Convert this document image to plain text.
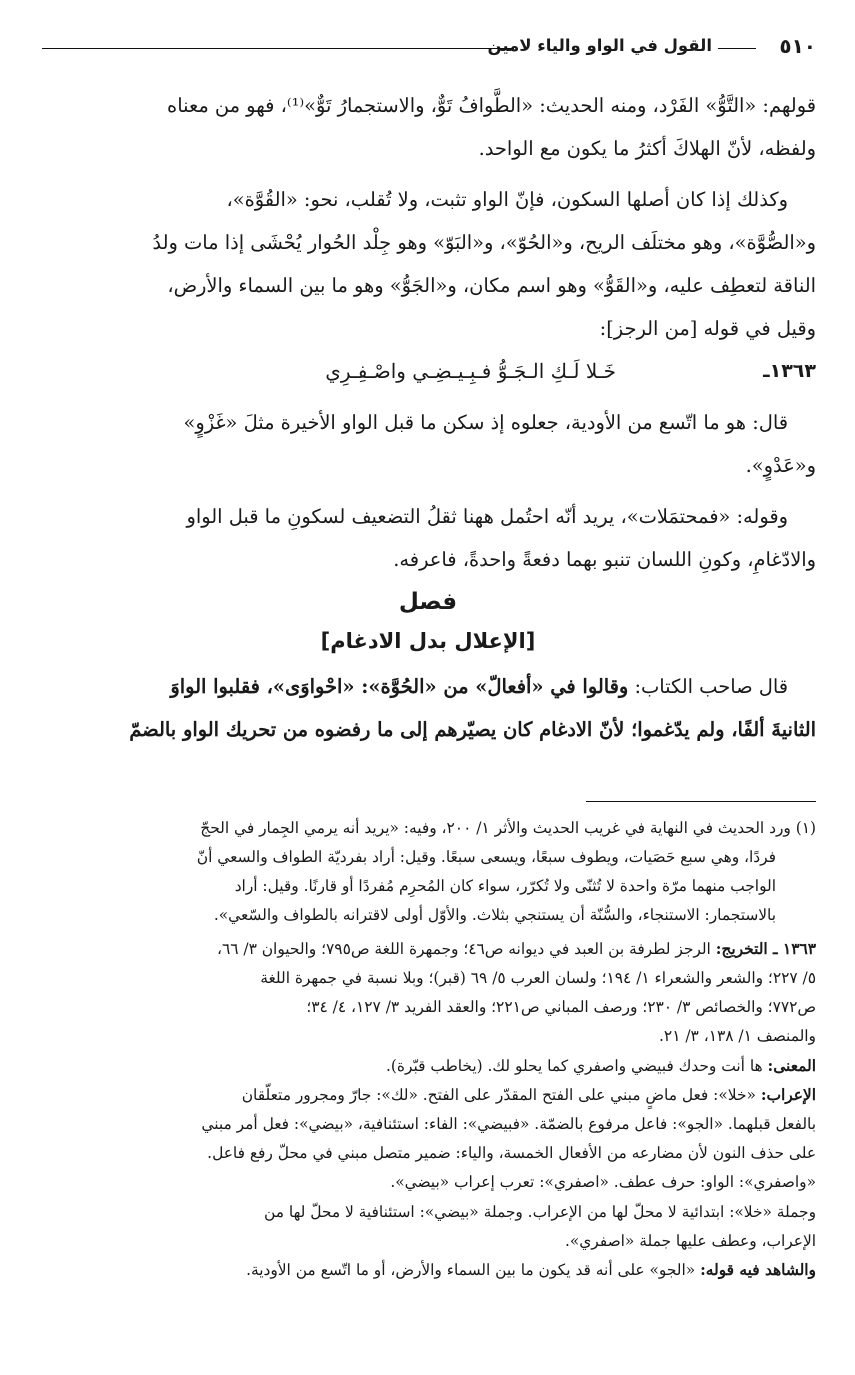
٥١٠
القول في الواو والياء لامين
قولهم: «التَّوُّ» الفَرْد، ومنه الحديث: «الطَّوافُ تَوٌّ، والاستجمارُ تَوٌّ»⁽¹⁾، فهو من معناه
ولفظه، لأنّ الهلاكَ أكثرُ ما يكون مع الواحد.
وكذلك إذا كان أصلها السكون، فإنّ الواو تثبت، ولا تُقلب، نحو: «القُوَّة»،
و«الصُّوَّة»، وهو مختلَف الريح، و«الحُوّ»، و«البَوّ» وهو جِلْد الحُوار يُحْشَى إذا مات ولدُ
الناقة لتعطِف عليه، و«القَوُّ» وهو اسم مكان، و«الجَوُّ» وهو ما بين السماء والأرض،
وقيل في قوله [من الرجز]:
١٣٦٣ـ
خَـلا لَـكِ الـجَـوُّ فـبِـيـضِـي واصْـفِـرِي
قال: هو ما اتّسع من الأودية، جعلوه إذ سكن ما قبل الواو الأخيرة مثلَ «غَزْوٍ»
و«عَدْوٍ».
وقوله: «فمحتمَلات»، يريد أنّه احتُمل ههنا ثقلُ التضعيف لسكونِ ما قبل الواو
والادّغامِ، وكونِ اللسان تنبو بهما دفعةً واحدةً، فاعرفه.
فصل
[الإعلال بدل الادغام]
قال صاحب الكتاب: وقالوا في «أفعالّ» من «الحُوَّة»: «احْواوَى»، فقلبوا الواوَ
الثانيةَ ألفًا، ولم يدّغموا؛ لأنّ الادغام كان يصيّرهم إلى ما رفضوه من تحريك الواو بالضمّ
(١) ورد الحديث في النهاية في غريب الحديث والأثر ١/ ٢٠٠، وفيه: «يريد أنه يرمي الجِمار في الحجّ
فردًا، وهي سبع حَصَيات، ويطوف سبعًا، ويسعى سبعًا. وقيل: أراد بفرديّة الطواف والسعي أنّ
الواجب منهما مرّة واحدة لا تُثنّى ولا تُكرّر، سواء كان المُحرِم مُفردًا أو قارنًا. وقيل: أراد
بالاستجمار: الاستنجاء، والسُّنّة أن يستنجي بثلاث. والأوّل أولى لاقترانه بالطواف والسّعي».
١٣٦٣ ـ التخريج: الرجز لطرفة بن العبد في ديوانه ص٤٦؛ وجمهرة اللغة ص٧٩٥؛ والحيوان ٣/ ٦٦،
٥/ ٢٢٧؛ والشعر والشعراء ١/ ١٩٤؛ ولسان العرب ٥/ ٦٩ (قبر)؛ وبلا نسبة في جمهرة اللغة
ص٧٧٢؛ والخصائص ٣/ ٢٣٠؛ ورصف المباني ص٢٢١؛ والعقد الفريد ٣/ ١٢٧، ٤/ ٣٤؛
والمنصف ١/ ١٣٨، ٣/ ٢١.
المعنى: ها أنت وحدك فبيضي واصفري كما يحلو لك. (يخاطب قبّرة).
الإعراب: «خلا»: فعل ماضٍ مبني على الفتح المقدّر على الفتح. «لك»: جارّ ومجرور متعلّقان
بالفعل قبلهما. «الجو»: فاعل مرفوع بالضمّة. «فبيضي»: الفاء: استئنافية، «بيضي»: فعل أمر مبني
على حذف النون لأن مضارعه من الأفعال الخمسة، والياء: ضمير متصل مبني في محلّ رفع فاعل.
«واصفري»: الواو: حرف عطف. «اصفري»: تعرب إعراب «بيضي».
وجملة «خلا»: ابتدائية لا محلّ لها من الإعراب. وجملة «بيضي»: استئنافية لا محلّ لها من
الإعراب، وعطف عليها جملة «اصفري».
والشاهد فيه قوله: «الجو» على أنه قد يكون ما بين السماء والأرض، أو ما اتّسع من الأودية.
